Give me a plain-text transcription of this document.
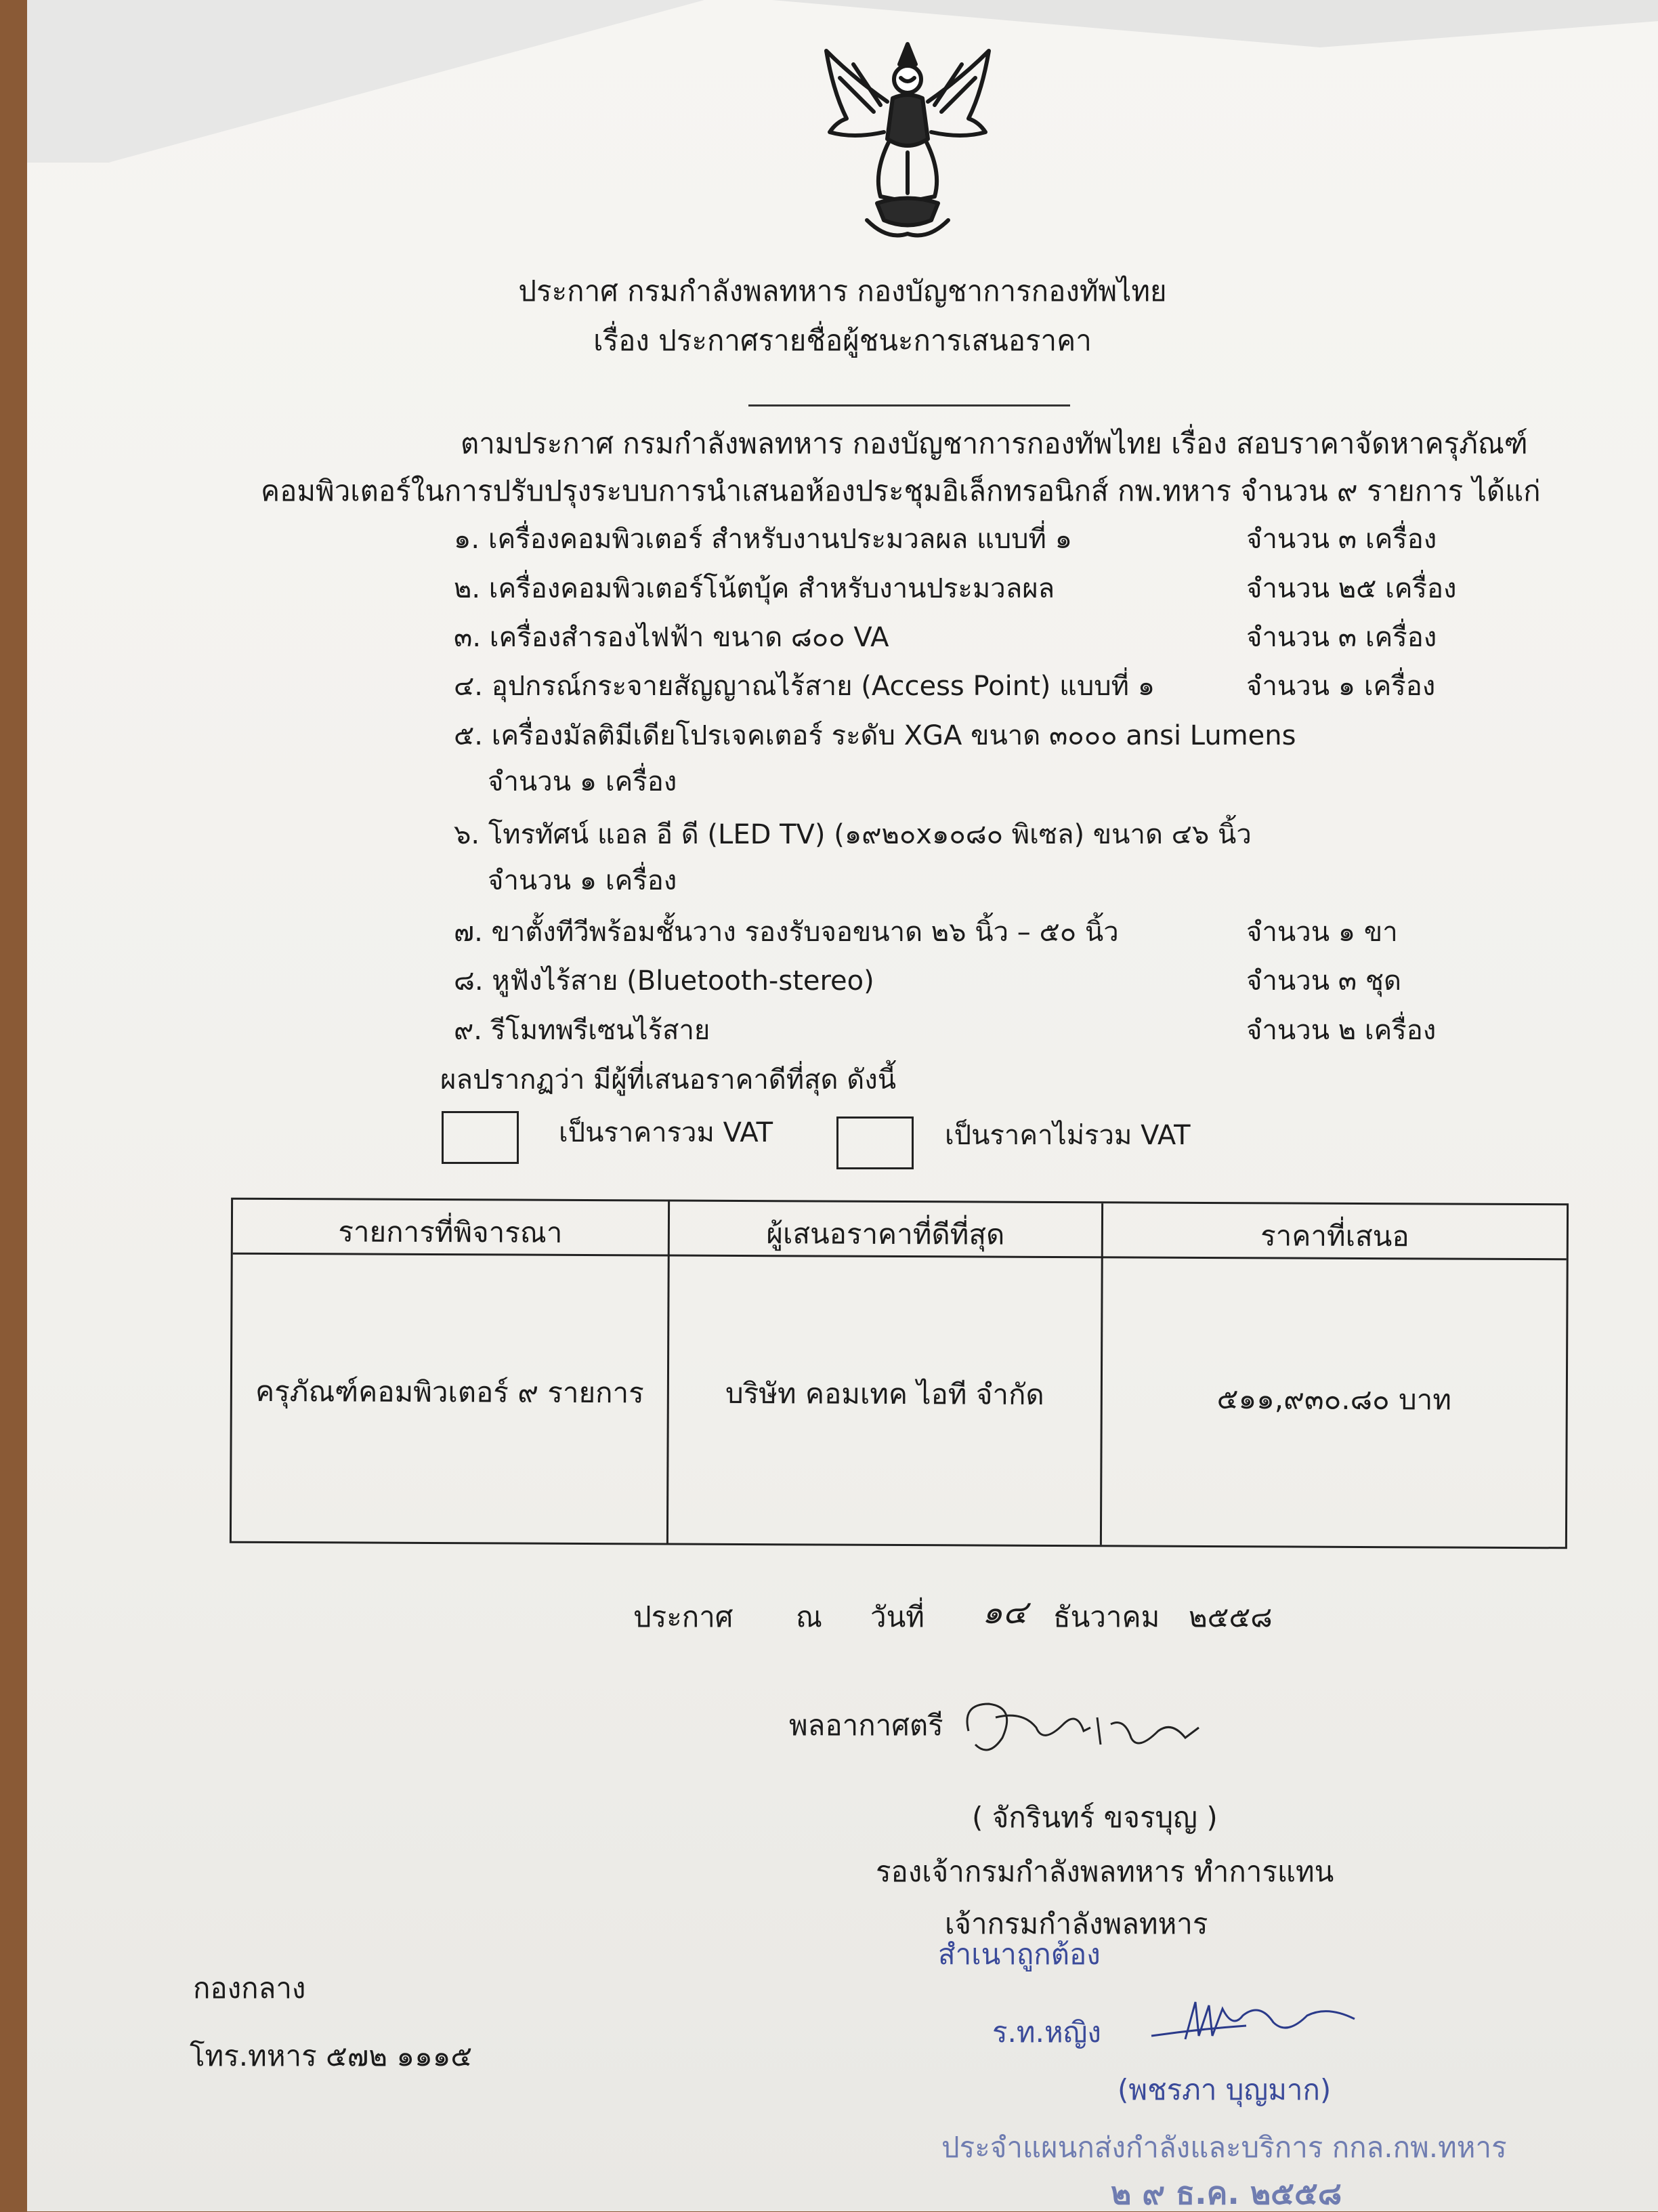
ประกาศ กรมกำลังพลทหาร กองบัญชาการกองทัพไทย
เรื่อง ประกาศรายชื่อผู้ชนะการเสนอราคา
ตามประกาศ กรมกำลังพลทหาร กองบัญชาการกองทัพไทย เรื่อง สอบราคาจัดหาครุภัณฑ์
คอมพิวเตอร์ในการปรับปรุงระบบการนำเสนอห้องประชุมอิเล็กทรอนิกส์ กพ.ทหาร จำนวน ๙ รายการ ได้แก่
๑. เครื่องคอมพิวเตอร์ สำหรับงานประมวลผล แบบที่ ๑	จำนวน ๓ เครื่อง
๒. เครื่องคอมพิวเตอร์โน้ตบุ้ค สำหรับงานประมวลผล	จำนวน ๒๕ เครื่อง
๓. เครื่องสำรองไฟฟ้า ขนาด ๘๐๐ VA	จำนวน ๓ เครื่อง
๔. อุปกรณ์กระจายสัญญาณไร้สาย (Access Point) แบบที่ ๑	จำนวน ๑ เครื่อง
๕. เครื่องมัลติมีเดียโปรเจคเตอร์ ระดับ XGA ขนาด ๓๐๐๐ ansi Lumens
จำนวน ๑ เครื่อง
๖. โทรทัศน์ แอล อี ดี (LED TV) (๑๙๒๐x๑๐๘๐ พิเซล) ขนาด ๔๖ นิ้ว
จำนวน ๑ เครื่อง
๗. ขาตั้งทีวีพร้อมชั้นวาง รองรับจอขนาด ๒๖ นิ้ว – ๕๐ นิ้ว	จำนวน ๑ ขา
๘. หูฟังไร้สาย (Bluetooth-stereo)	จำนวน ๓ ชุด
๙. รีโมทพรีเซนไร้สาย	จำนวน ๒ เครื่อง
ผลปรากฏว่า มีผู้ที่เสนอราคาดีที่สุด ดังนี้
เป็นราคารวม VAT	เป็นราคาไม่รวม VAT
รายการที่พิจารณา	ผู้เสนอราคาที่ดีที่สุด	ราคาที่เสนอ
ครุภัณฑ์คอมพิวเตอร์ ๙ รายการ	บริษัท คอมเทค ไอที จำกัด	๕๑๑,๙๓๐.๘๐ บาท
ประกาศ ณ วันที่ ๑๔ ธันวาคม ๒๕๕๘
พลอากาศตรี
( จักรินทร์ ขจรบุญ )
รองเจ้ากรมกำลังพลทหาร ทำการแทน
เจ้ากรมกำลังพลทหาร
กองกลาง
โทร.ทหาร ๕๗๒ ๑๑๑๕
สำเนาถูกต้อง
ร.ท.หญิง
(พชรภา บุญมาก)
ประจำแผนกส่งกำลังและบริการ กกล.กพ.ทหาร
๒ ๙ ธ.ค. ๒๕๕๘
